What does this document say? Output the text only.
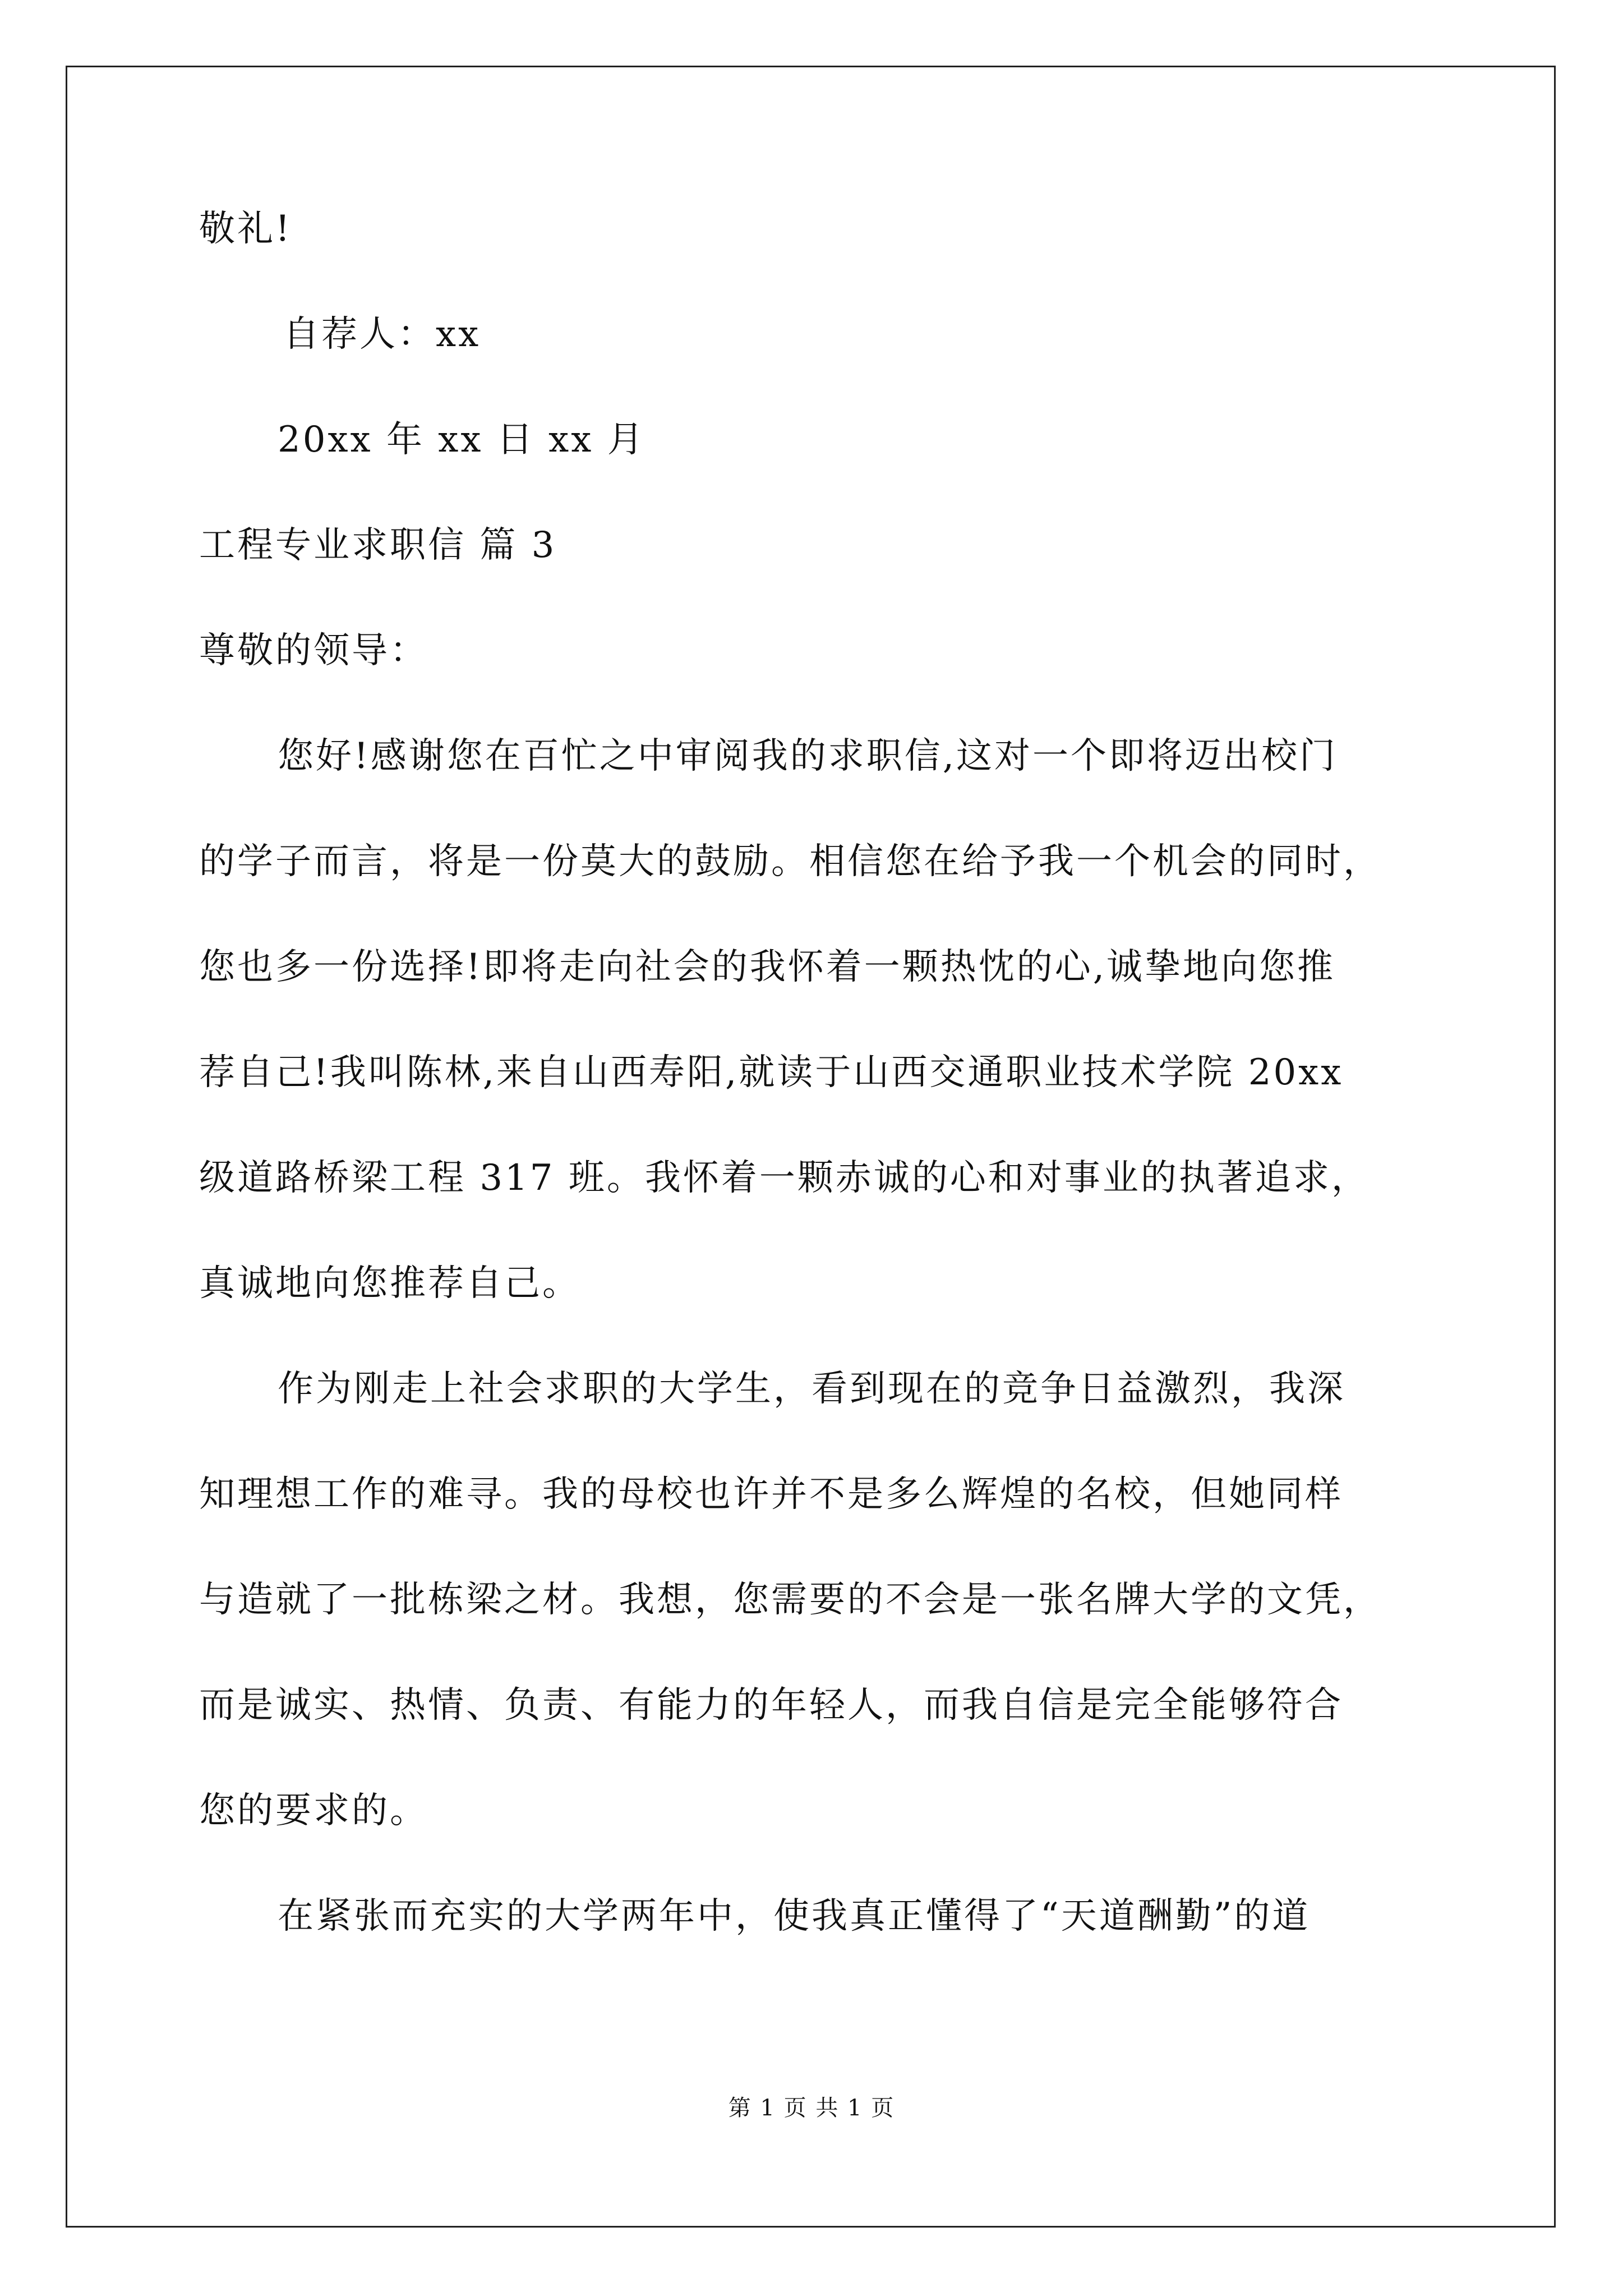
敬礼!
自荐人：xx
20xx 年 xx 日 xx 月
工程专业求职信 篇 3
尊敬的领导：
您好!感谢您在百忙之中审阅我的求职信,这对一个即将迈出校门
的学子而言，将是一份莫大的鼓励。相信您在给予我一个机会的同时，
您也多一份选择!即将走向社会的我怀着一颗热忱的心,诚挚地向您推
荐自己!我叫陈林,来自山西寿阳,就读于山西交通职业技术学院 20xx
级道路桥梁工程 317 班。我怀着一颗赤诚的心和对事业的执著追求，
真诚地向您推荐自己。
作为刚走上社会求职的大学生，看到现在的竞争日益激烈，我深
知理想工作的难寻。我的母校也许并不是多么辉煌的名校，但她同样
与造就了一批栋梁之材。我想，您需要的不会是一张名牌大学的文凭，
而是诚实、热情、负责、有能力的年轻人，而我自信是完全能够符合
您的要求的。
在紧张而充实的大学两年中，使我真正懂得了“天道酬勤”的道
第 1 页 共 1 页
